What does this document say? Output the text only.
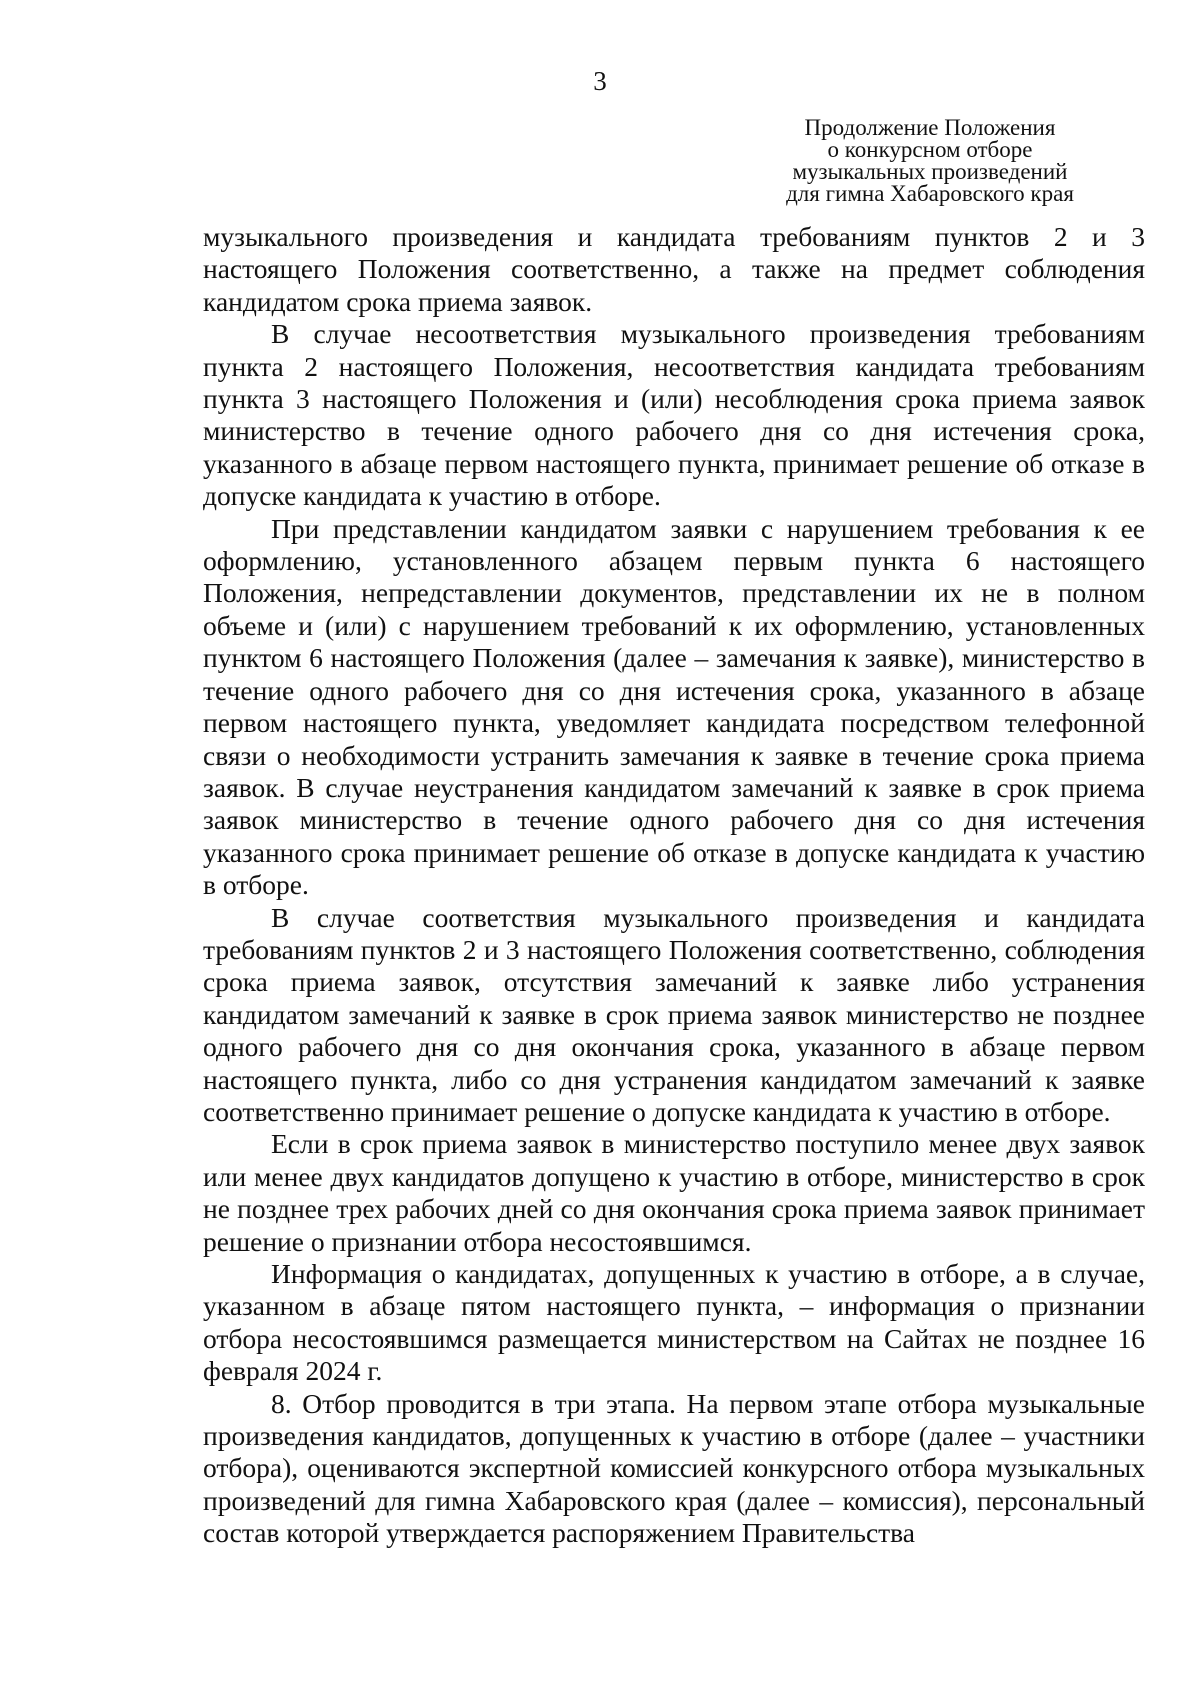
3
Продолжение Положения
о конкурсном отборе
музыкальных произведений
для гимна Хабаровского края

музыкального произведения и кандидата требованиям пунктов 2 и 3 настоящего Положения соответственно, а также на предмет соблюдения кандидатом срока приема заявок.

В случае несоответствия музыкального произведения требованиям пункта 2 настоящего Положения, несоответствия кандидата требованиям пункта 3 настоящего Положения и (или) несоблюдения срока приема заявок министерство в течение одного рабочего дня со дня истечения срока, указанного в абзаце первом настоящего пункта, принимает решение об отказе в допуске кандидата к участию в отборе.

При представлении кандидатом заявки с нарушением требования к ее оформлению, установленного абзацем первым пункта 6 настоящего Положения, непредставлении документов, представлении их не в полном объеме и (или) с нарушением требований к их оформлению, установленных пунктом 6 настоящего Положения (далее – замечания к заявке), министерство в течение одного рабочего дня со дня истечения срока, указанного в абзаце первом настоящего пункта, уведомляет кандидата посредством телефонной связи о необходимости устранить замечания к заявке в течение срока приема заявок. В случае неустранения кандидатом замечаний к заявке в срок приема заявок министерство в течение одного рабочего дня со дня истечения указанного срока принимает решение об отказе в допуске кандидата к участию в отборе.

В случае соответствия музыкального произведения и кандидата требованиям пунктов 2 и 3 настоящего Положения соответственно, соблюдения срока приема заявок, отсутствия замечаний к заявке либо устранения кандидатом замечаний к заявке в срок приема заявок министерство не позднее одного рабочего дня со дня окончания срока, указанного в абзаце первом настоящего пункта, либо со дня устранения кандидатом замечаний к заявке соответственно принимает решение о допуске кандидата к участию в отборе.

Если в срок приема заявок в министерство поступило менее двух заявок или менее двух кандидатов допущено к участию в отборе, министерство в срок не позднее трех рабочих дней со дня окончания срока приема заявок принимает решение о признании отбора несостоявшимся.

Информация о кандидатах, допущенных к участию в отборе, а в случае, указанном в абзаце пятом настоящего пункта, – информация о признании отбора несостоявшимся размещается министерством на Сайтах не позднее 16 февраля 2024 г.

8. Отбор проводится в три этапа. На первом этапе отбора музыкальные произведения кандидатов, допущенных к участию в отборе (далее – участники отбора), оцениваются экспертной комиссией конкурсного отбора музыкальных произведений для гимна Хабаровского края (далее – комиссия), персональный состав которой утверждается распоряжением Правительства
